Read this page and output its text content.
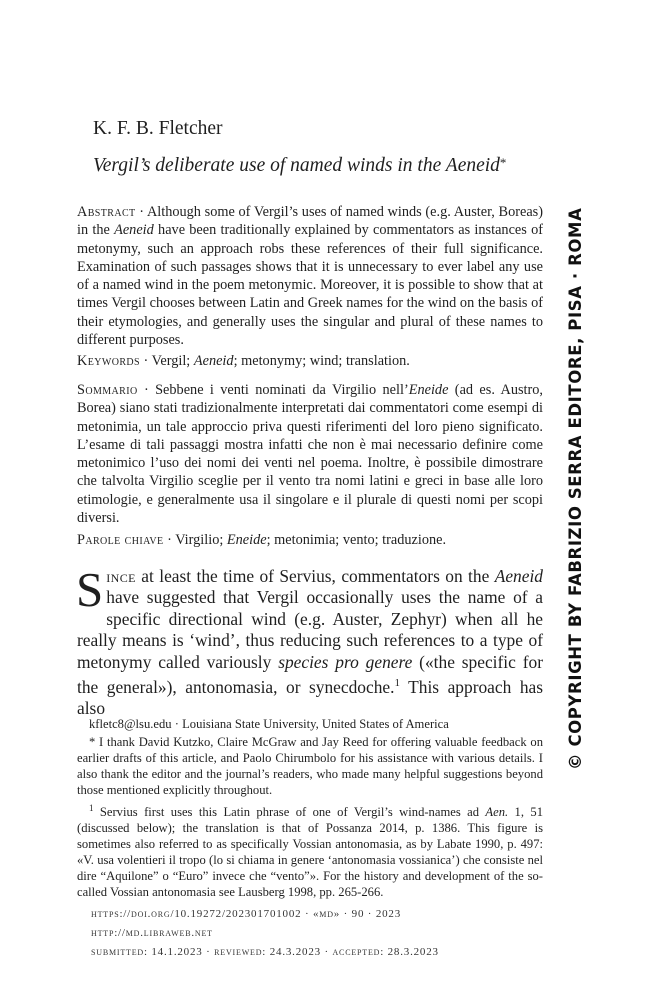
K. F. B. Fletcher
Vergil’s deliberate use of named winds in the Aeneid*
Abstract · Although some of Vergil’s uses of named winds (e.g. Auster, Boreas) in the Aeneid have been traditionally explained by commentators as instances of metonymy, such an approach robs these references of their full significance. Examination of such passages shows that it is unnecessary to ever label any use of a named wind in the poem metonymic. Moreover, it is possible to show that at times Vergil chooses between Latin and Greek names for the wind on the basis of their etymologies, and generally uses the singular and plural of these names to different purposes.
Keywords · Vergil; Aeneid; metonymy; wind; translation.
Sommario · Sebbene i venti nominati da Virgilio nell’Eneide (ad es. Austro, Borea) siano stati tradizionalmente interpretati dai commentatori come esempi di metonimia, un tale approccio priva questi riferimenti del loro pieno significato. L’esame di tali passaggi mostra infatti che non è mai necessario definire come metonimico l’uso dei nomi dei venti nel poema. Inoltre, è possibile dimostrare che talvolta Virgilio sceglie per il vento tra nomi latini e greci in base alle loro etimologie, e generalmente usa il singolare e il plurale di questi nomi per scopi diversi.
Parole chiave · Virgilio; Eneide; metonimia; vento; traduzione.
Since at least the time of Servius, commentators on the Aeneid have suggested that Vergil occasionally uses the name of a specific directional wind (e.g. Auster, Zephyr) when all he really means is ‘wind’, thus reducing such references to a type of metonymy called variously species pro genere («the specific for the general»), antonomasia, or synecdoche.$^1$ This approach has also
kfletc8@lsu.edu · Louisiana State University, United States of America
* I thank David Kutzko, Claire McGraw and Jay Reed for offering valuable feedback on earlier drafts of this article, and Paolo Chirumbolo for his assistance with various details. I also thank the editor and the journal’s readers, who made many helpful suggestions beyond those mentioned explicitly throughout.
$^1$ Servius first uses this Latin phrase of one of Vergil’s wind-names ad Aen. 1, 51 (discussed below); the translation is that of Possanza 2014, p. 1386. This figure is sometimes also referred to as specifically Vossian antonomasia, as by Labate 1990, p. 497: «V. usa volentieri il tropo (lo si chiama in genere ‘antonomasia vossianica’) che consiste nel dire “Aquilone” o “Euro” invece che “vento”». For the history and development of the so-called Vossian antonomasia see Lausberg 1998, pp. 265-266.
https://doi.org/10.19272/202301701002 · «md» · 90 · 2023
http://md.libraweb.net
submitted: 14.1.2023 · reviewed: 24.3.2023 · accepted: 28.3.2023
© COPYRIGHT BY FABRIZIO SERRA EDITORE, PISA · ROMA
